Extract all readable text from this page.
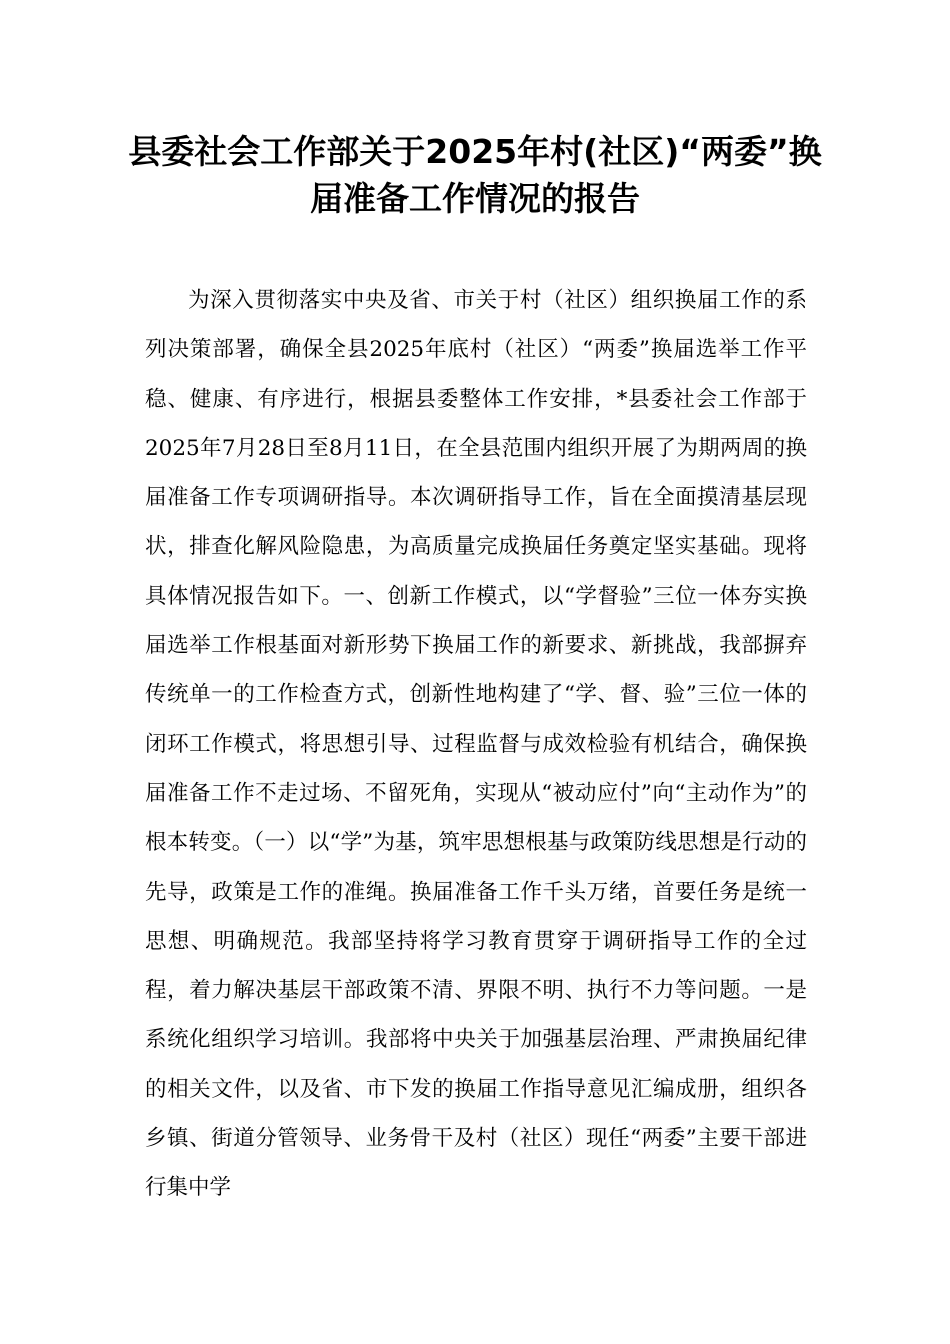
县委社会工作部关于2025年村(社区)“两委”换届准备工作情况的报告

为深入贯彻落实中央及省、市关于村（社区）组织换届工作的系列决策部署，确保全县2025年底村（社区）“两委”换届选举工作平稳、健康、有序进行，根据县委整体工作安排，*县委社会工作部于2025年7月28日至8月11日，在全县范围内组织开展了为期两周的换届准备工作专项调研指导。本次调研指导工作，旨在全面摸清基层现状，排查化解风险隐患，为高质量完成换届任务奠定坚实基础。现将具体情况报告如下。一、创新工作模式，以“学督验”三位一体夯实换届选举工作根基面对新形势下换届工作的新要求、新挑战，我部摒弃传统单一的工作检查方式，创新性地构建了“学、督、验”三位一体的闭环工作模式，将思想引导、过程监督与成效检验有机结合，确保换届准备工作不走过场、不留死角，实现从“被动应付”向“主动作为”的根本转变。（一）以“学”为基，筑牢思想根基与政策防线思想是行动的先导，政策是工作的准绳。换届准备工作千头万绪，首要任务是统一思想、明确规范。我部坚持将学习教育贯穿于调研指导工作的全过程，着力解决基层干部政策不清、界限不明、执行不力等问题。一是系统化组织学习培训。我部将中央关于加强基层治理、严肃换届纪律的相关文件，以及省、市下发的换届工作指导意见汇编成册，组织各乡镇、街道分管领导、业务骨干及村（社区）现任“两委”主要干部进行集中学
